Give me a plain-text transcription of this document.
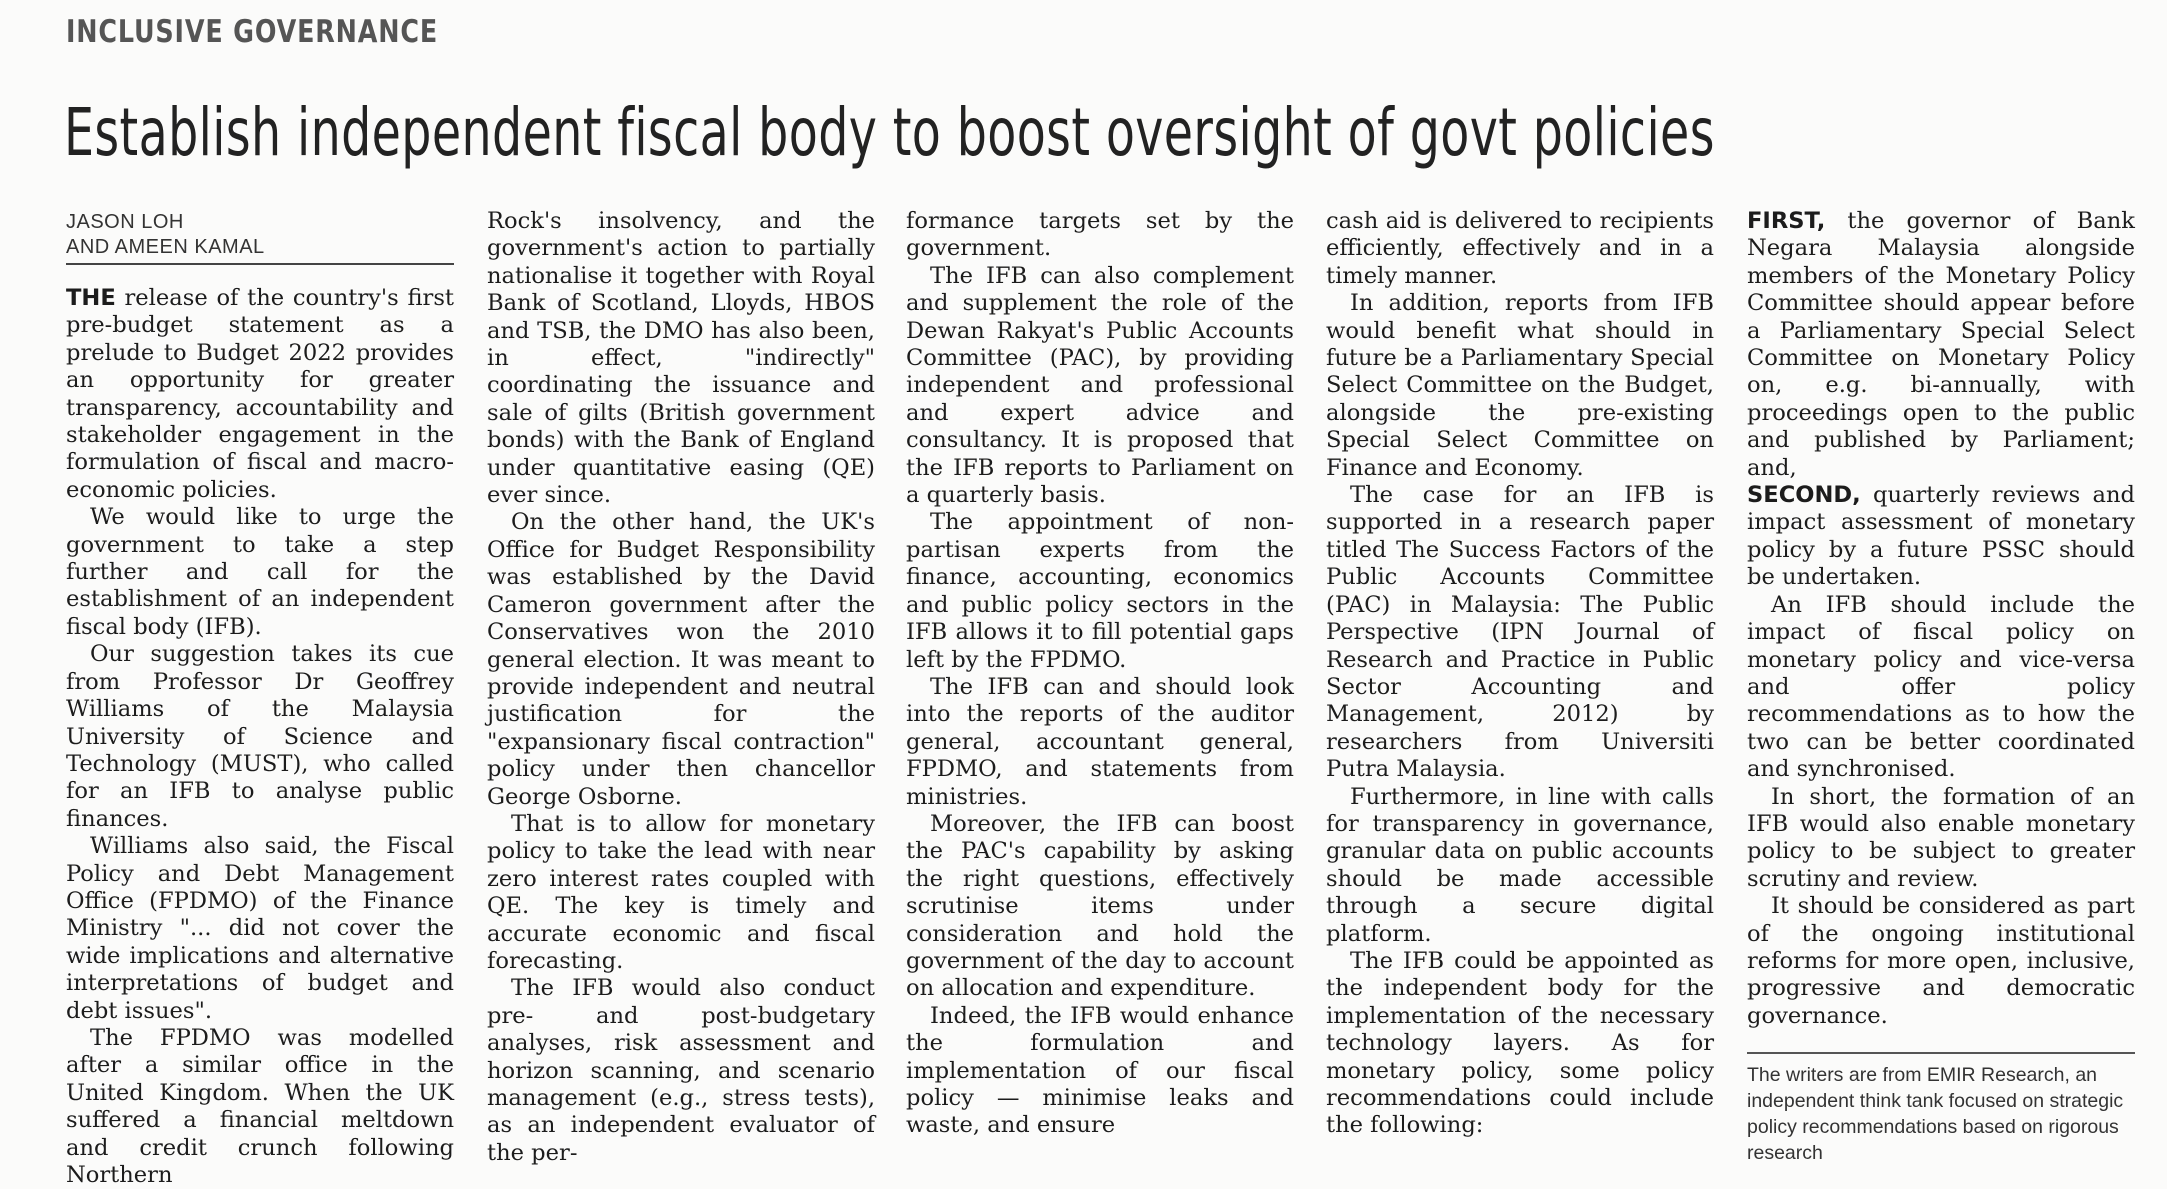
INCLUSIVE GOVERNANCE
Establish independent fiscal body to boost oversight of govt policies
JASON LOH
AND AMEEN KAMAL

THE release of the country's first pre-budget statement as a prelude to Budget 2022 provides an opportunity for greater transparency, accountability and stakeholder engagement in the formulation of fiscal and macro-economic policies.

We would like to urge the government to take a step further and call for the establishment of an independent fiscal body (IFB).

Our suggestion takes its cue from Professor Dr Geoffrey Williams of the Malaysia University of Science and Technology (MUST), who called for an IFB to analyse public finances.

Williams also said, the Fiscal Policy and Debt Management Office (FPDMO) of the Finance Ministry "... did not cover the wide implications and alternative interpretations of budget and debt issues".

The FPDMO was modelled after a similar office in the United Kingdom. When the UK suffered a financial meltdown and credit crunch following Northern

Rock's insolvency, and the government's action to partially nationalise it together with Royal Bank of Scotland, Lloyds, HBOS and TSB, the DMO has also been, in effect, "indirectly" coordinating the issuance and sale of gilts (British government bonds) with the Bank of England under quantitative easing (QE) ever since.

On the other hand, the UK's Office for Budget Responsibility was established by the David Cameron government after the Conservatives won the 2010 general election. It was meant to provide independent and neutral justification for the "expansionary fiscal contraction" policy under then chancellor George Osborne.

That is to allow for monetary policy to take the lead with near zero interest rates coupled with QE. The key is timely and accurate economic and fiscal forecasting.

The IFB would also conduct pre- and post-budgetary analyses, risk assessment and horizon scanning, and scenario management (e.g., stress tests), as an independent evaluator of the per-

formance targets set by the government.

The IFB can also complement and supplement the role of the Dewan Rakyat's Public Accounts Committee (PAC), by providing independent and professional and expert advice and consultancy. It is proposed that the IFB reports to Parliament on a quarterly basis.

The appointment of non-partisan experts from the finance, accounting, economics and public policy sectors in the IFB allows it to fill potential gaps left by the FPDMO.

The IFB can and should look into the reports of the auditor general, accountant general, FPDMO, and statements from ministries.

Moreover, the IFB can boost the PAC's capability by asking the right questions, effectively scrutinise items under consideration and hold the government of the day to account on allocation and expenditure.

Indeed, the IFB would enhance the formulation and implementation of our fiscal policy — minimise leaks and waste, and ensure

cash aid is delivered to recipients efficiently, effectively and in a timely manner.

In addition, reports from IFB would benefit what should in future be a Parliamentary Special Select Committee on the Budget, alongside the pre-existing Special Select Committee on Finance and Economy.

The case for an IFB is supported in a research paper titled The Success Factors of the Public Accounts Committee (PAC) in Malaysia: The Public Perspective (IPN Journal of Research and Practice in Public Sector Accounting and Management, 2012) by researchers from Universiti Putra Malaysia.

Furthermore, in line with calls for transparency in governance, granular data on public accounts should be made accessible through a secure digital platform.

The IFB could be appointed as the independent body for the implementation of the necessary technology layers. As for monetary policy, some policy recommendations could include the following:

FIRST, the governor of Bank Negara Malaysia alongside members of the Monetary Policy Committee should appear before a Parliamentary Special Select Committee on Monetary Policy on, e.g. bi-annually, with proceedings open to the public and published by Parliament; and,

SECOND, quarterly reviews and impact assessment of monetary policy by a future PSSC should be undertaken.

An IFB should include the impact of fiscal policy on monetary policy and vice-versa and offer policy recommendations as to how the two can be better coordinated and synchronised.

In short, the formation of an IFB would also enable monetary policy to be subject to greater scrutiny and review.

It should be considered as part of the ongoing institutional reforms for more open, inclusive, progressive and democratic governance.

The writers are from EMIR Research, an independent think tank focused on strategic policy recommendations based on rigorous research
